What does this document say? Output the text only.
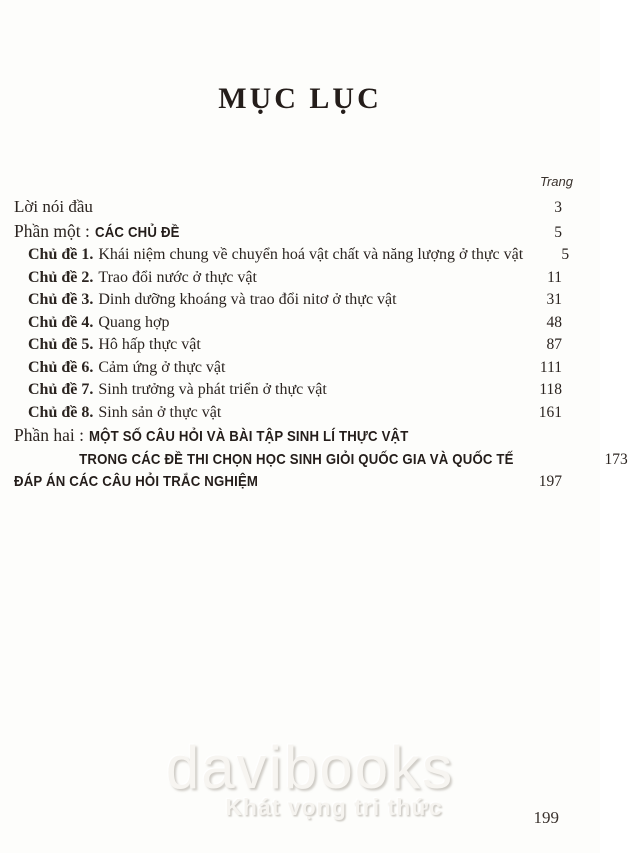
MỤC LỤC
Trang
Lời nói đầu	3
Phần một : CÁC CHỦ ĐỀ	5
Chủ đề 1. Khái niệm chung về chuyển hoá vật chất và năng lượng ở thực vật	5
Chủ đề 2. Trao đổi nước ở thực vật	11
Chủ đề 3. Dinh dưỡng khoáng và trao đổi nitơ ở thực vật	31
Chủ đề 4. Quang hợp	48
Chủ đề 5. Hô hấp thực vật	87
Chủ đề 6. Cảm ứng ở thực vật	111
Chủ đề 7. Sinh trưởng và phát triển ở thực vật	118
Chủ đề 8. Sinh sản ở thực vật	161
Phần hai : MỘT SỐ CÂU HỎI VÀ BÀI TẬP SINH LÍ THỰC VẬT
TRONG CÁC ĐỀ THI CHỌN HỌC SINH GIỎI QUỐC GIA VÀ QUỐC TẾ	173
ĐÁP ÁN CÁC CÂU HỎI TRẮC NGHIỆM	197
davibooks
Khát vọng tri thức	199
